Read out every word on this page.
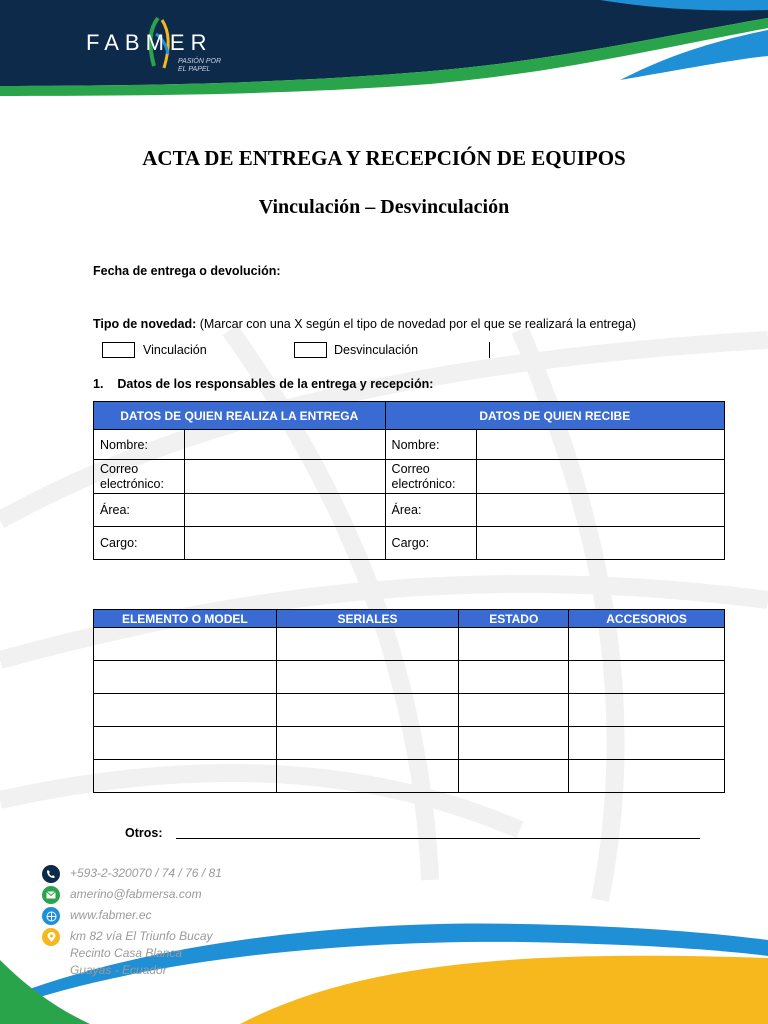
FABMER
PASIÓN POR
EL PAPEL
ACTA DE ENTREGA Y RECEPCIÓN DE EQUIPOS
Vinculación – Desvinculación
Fecha de entrega o devolución:
Tipo de novedad: (Marcar con una X según el tipo de novedad por el que se realizará la entrega)
Vinculación	Desvinculación
1. Datos de los responsables de la entrega y recepción:
DATOS DE QUIEN REALIZA LA ENTREGA		DATOS DE QUIEN RECIBE	
Nombre:		Nombre:	
Correo electrónico:		Correo electrónico:	
Área:		Área:	
Cargo:		Cargo:	
ELEMENTO O MODEL	SERIALES	ESTADO	ACCESORIOS

Otros:
+593-2-320070 / 74 / 76 / 81
amerino@fabmersa.com
www.fabmer.ec
km 82 vía El Triunfo Bucay
Recinto Casa Blanca
Guayas - Ecuador
